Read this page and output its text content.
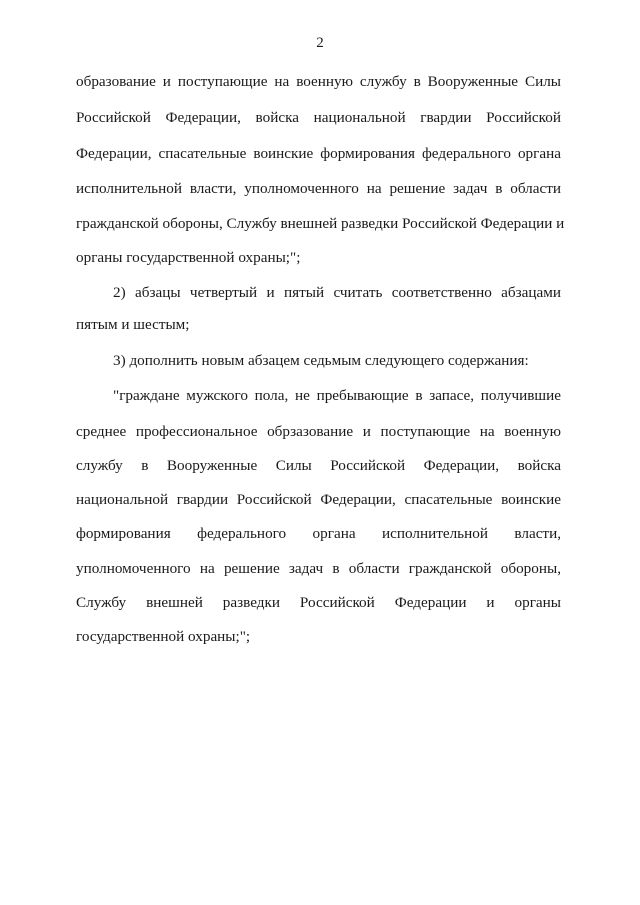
2
образование и поступающие на военную службу в Вооруженные Силы
Российской Федерации, войска национальной гвардии Российской
Федерации, спасательные воинские формирования федерального органа
исполнительной власти, уполномоченного на решение задач в области
гражданской обороны, Службу внешней разведки Российской Федерации и
органы государственной охраны;";
2) абзацы четвертый и пятый считать соответственно абзацами
пятым и шестым;
3) дополнить новым абзацем седьмым следующего содержания:
"граждане мужского пола, не пребывающие в запасе, получившие
среднее профессиональное обрзазование и поступающие на военную
службу в Вооруженные Силы Российской Федерации, войска
национальной гвардии Российской Федерации, спасательные воинские
формирования федерального органа исполнительной власти,
уполномоченного на решение задач в области гражданской обороны,
Службу внешней разведки Российской Федерации и органы
государственной охраны;";
